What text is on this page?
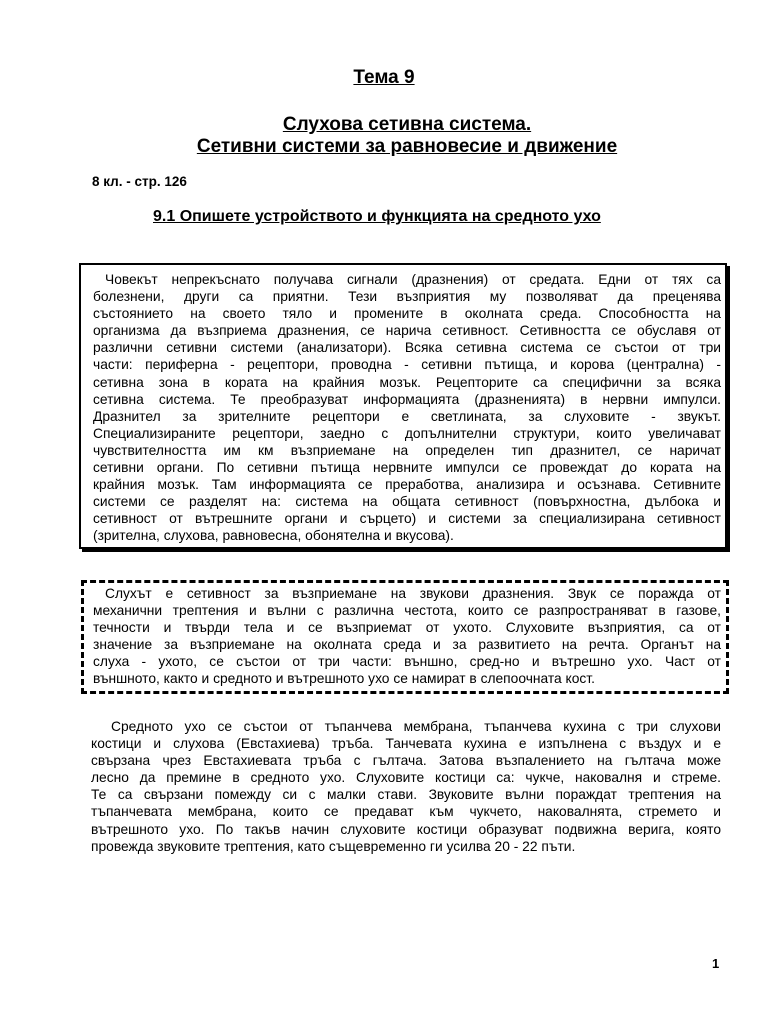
Тема 9
Слухова сетивна система.
Сетивни системи за равновесие и движение
8 кл. - стр. 126
9.1 Опишете устройството и функцията на средното ухо
Човекът непрекъснато получава сигнали (дразнения) от средата. Едни от тях са
болезнени, други са приятни. Тези възприятия му позволяват да преценява
състоянието на своето тяло и промените в околната среда. Способността на
организма да възприема дразнения, се нарича сетивност. Сетивността се обуславя от
различни сетивни системи (анализатори). Всяка сетивна система се състои от три
части: периферна - рецептори, проводна - сетивни пътища, и корова (централна) -
сетивна зона в кората на крайния мозък. Рецепторите са специфични за всяка
сетивна система. Те преобразуват информацията (дразненията) в нервни импулси.
Дразнител за зрителните рецептори е светлината, за слуховите - звукът.
Специализираните рецептори, заедно с допълнителни структури, които увеличават
чувствителността им км възприемане на определен тип дразнител, се наричат
сетивни органи. По сетивни пътища нервните импулси се провеждат до кората на
крайния мозък. Там информацията се преработва, анализира и осъзнава. Сетивните
системи се разделят на: система на общата сетивност (повърхностна, дълбока и
сетивност от вътрешните органи и сърцето) и системи за специализирана сетивност
(зрителна, слухова, равновесна, обонятелна и вкусова).
Слухът е сетивност за възприемане на звукови дразнения. Звук се поражда от
механични трептения и вълни с различна честота, които се разпространяват в газове,
течности и твърди тела и се възприемат от ухото. Слуховите възприятия, са от
значение за възприемане на околната среда и за развитието на речта. Органът на
слуха - ухото, се състои от три части: външно, сред-но и вътрешно ухо. Част от
външното, както и средното и вътрешното ухо се намират в слепоочната кост.
Средното ухо се състои от тъпанчева мембрана, тъпанчева кухина с три слухови
костици и слухова (Евстахиева) тръба. Танчевата кухина е изпълнена с въздух и е
свързана чрез Евстахиевата тръба с гълтача. Затова възпалението на гълтача може
лесно да премине в средното ухо. Слуховите костици са: чукче, наковалня и стреме.
Те са свързани помежду си с малки стави. Звуковите вълни пораждат трептения на
тъпанчевата мембрана, които се предават към чукчето, наковалнята, стремето и
вътрешното ухо. По такъв начин слуховите костици образуват подвижна верига, която
провежда звуковите трептения, като същевременно ги усилва 20 - 22 пъти.
1
